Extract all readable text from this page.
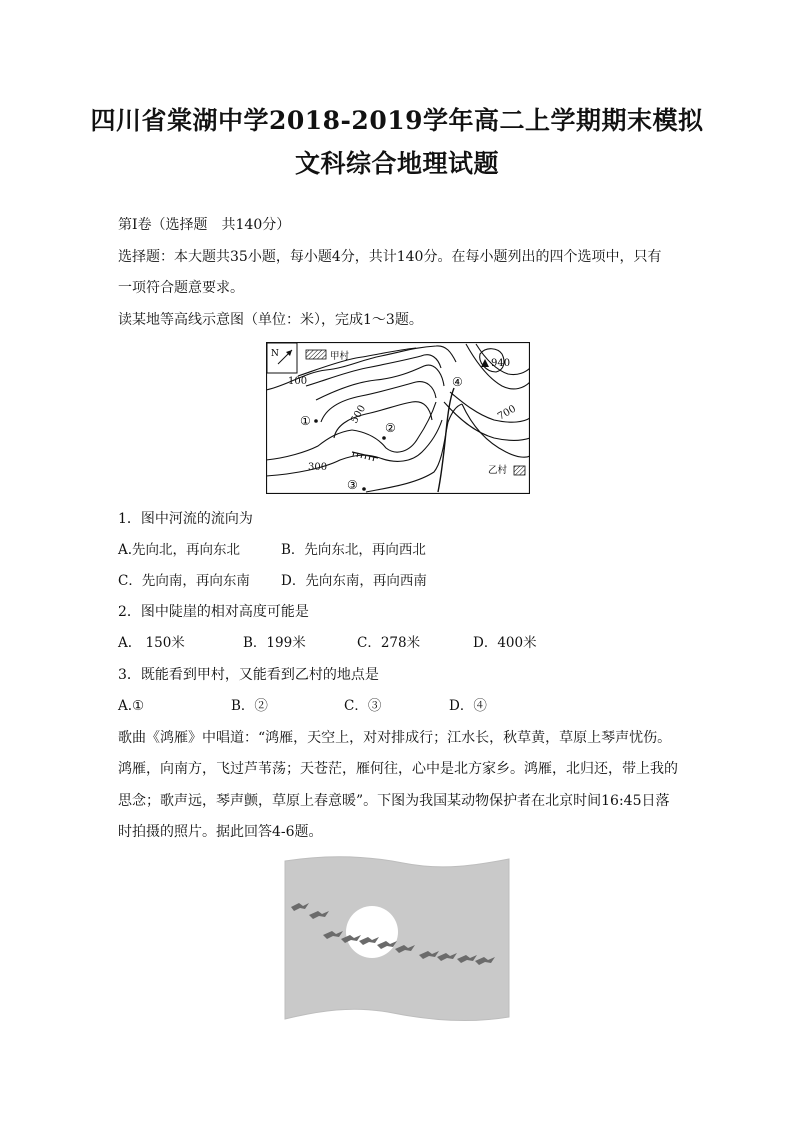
四川省棠湖中学2018-2019学年高二上学期期末模拟
文科综合地理试题
第Ⅰ卷（选择题　共140分）
选择题：本大题共35小题，每小题4分，共计140分。在每小题列出的四个选项中，只有
一项符合题意要求。
读某地等高线示意图（单位：米），完成1～3题。
N	甲村
940
100
500
300
700
①	②
③
④
乙村
1．图中河流的流向为
A.先向北，再向东北	B．先向东北，再向西北
C．先向南，再向东南 D．先向东南，再向西南
2．图中陡崖的相对高度可能是
A.　150米	B．199米	C．278米	D．400米
3．既能看到甲村，又能看到乙村的地点是
A.①	B．②	C．③	D．④
歌曲《鸿雁》中唱道：“鸿雁，天空上，对对排成行；江水长，秋草黄，草原上琴声忧伤。
鸿雁，向南方，飞过芦苇荡；天苍茫，雁何往，心中是北方家乡。鸿雁，北归还，带上我的
思念；歌声远，琴声颤，草原上春意暖”。下图为我国某动物保护者在北京时间16:45日落
时拍摄的照片。据此回答4-6题。
